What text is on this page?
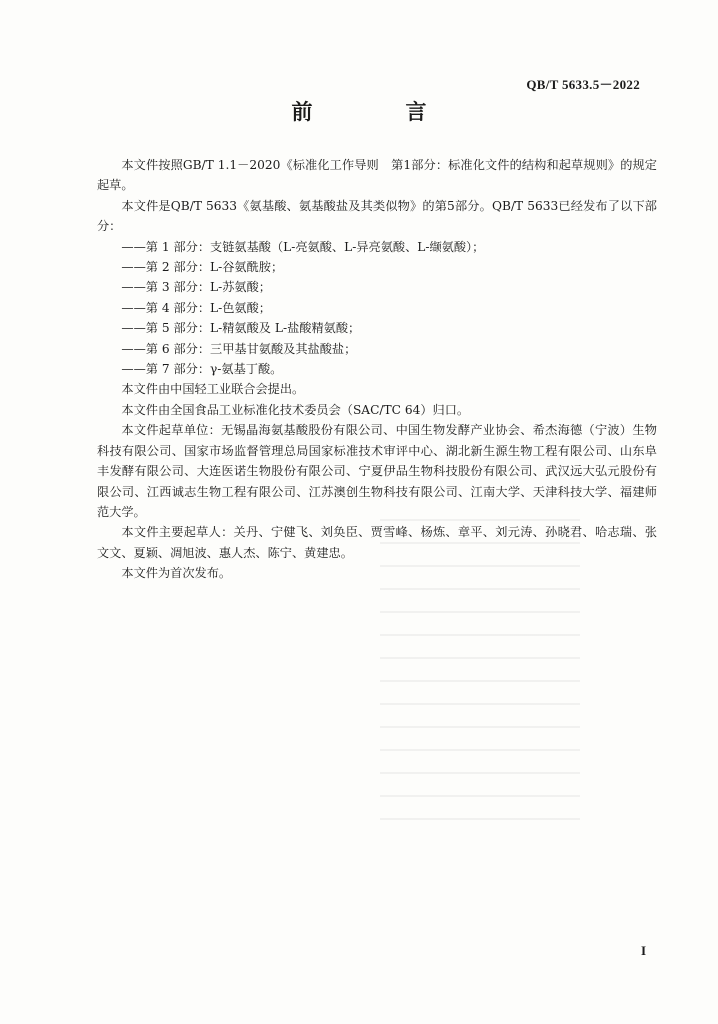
QB/T 5633.5－2022
前　言

本文件按照GB/T 1.1－2020《标准化工作导则　第1部分：标准化文件的结构和起草规则》的规定起草。

本文件是QB/T 5633《氨基酸、氨基酸盐及其类似物》的第5部分。QB/T 5633已经发布了以下部分：

——第 1 部分：支链氨基酸（L-亮氨酸、L-异亮氨酸、L-缬氨酸）；
——第 2 部分：L-谷氨酰胺；
——第 3 部分：L-苏氨酸；
——第 4 部分：L-色氨酸；
——第 5 部分：L-精氨酸及 L-盐酸精氨酸；
——第 6 部分：三甲基甘氨酸及其盐酸盐；
——第 7 部分：γ-氨基丁酸。

本文件由中国轻工业联合会提出。

本文件由全国食品工业标准化技术委员会（SAC/TC 64）归口。

本文件起草单位：无锡晶海氨基酸股份有限公司、中国生物发酵产业协会、希杰海德（宁波）生物科技有限公司、国家市场监督管理总局国家标准技术审评中心、湖北新生源生物工程有限公司、山东阜丰发酵有限公司、大连医诺生物股份有限公司、宁夏伊品生物科技股份有限公司、武汉远大弘元股份有限公司、江西诚志生物工程有限公司、江苏澳创生物科技有限公司、江南大学、天津科技大学、福建师范大学。

本文件主要起草人：关丹、宁健飞、刘奂臣、贾雪峰、杨炼、章平、刘元涛、孙晓君、哈志瑞、张文文、夏颖、凋旭波、惠人杰、陈宁、黄建忠。

本文件为首次发布。

I
